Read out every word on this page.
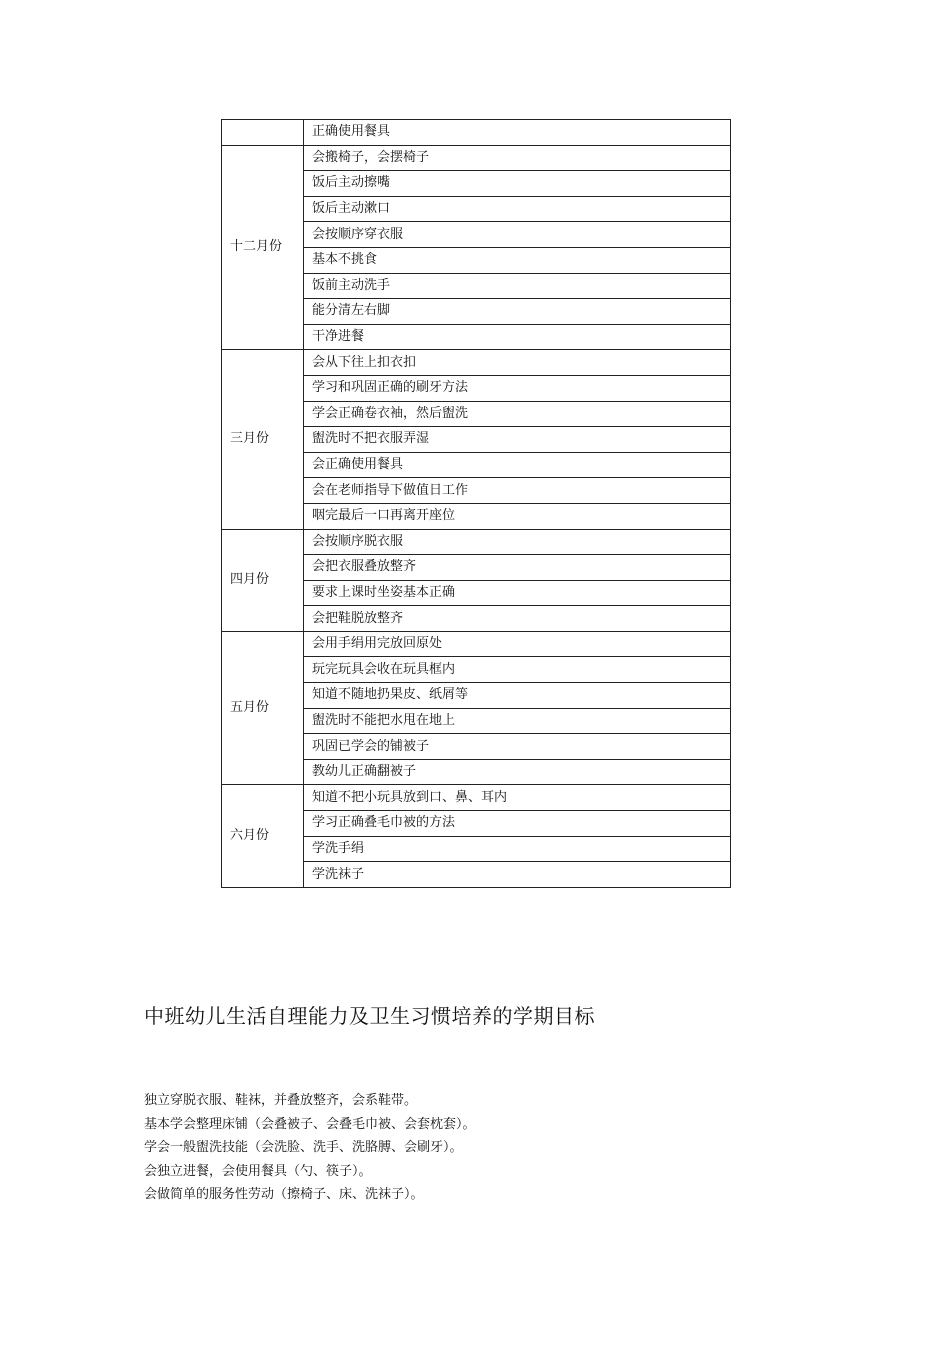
	正确使用餐具
十二月份	会搬椅子，会摆椅子
	饭后主动擦嘴
	饭后主动漱口
	会按顺序穿衣服
	基本不挑食
	饭前主动洗手
	能分清左右脚
	干净进餐
三月份	会从下往上扣衣扣
	学习和巩固正确的刷牙方法
	学会正确卷衣袖，然后盥洗
	盥洗时不把衣服弄湿
	会正确使用餐具
	会在老师指导下做值日工作
	咽完最后一口再离开座位
四月份	会按顺序脱衣服
	会把衣服叠放整齐
	要求上课时坐姿基本正确
	会把鞋脱放整齐
五月份	会用手绢用完放回原处
	玩完玩具会收在玩具框内
	知道不随地扔果皮、纸屑等
	盥洗时不能把水甩在地上
	巩固已学会的铺被子
	教幼儿正确翻被子
六月份	知道不把小玩具放到口、鼻、耳内
	学习正确叠毛巾被的方法
	学洗手绢
	学洗袜子
中班幼儿生活自理能力及卫生习惯培养的学期目标
独立穿脱衣服、鞋袜，并叠放整齐，会系鞋带。
基本学会整理床铺（会叠被子、会叠毛巾被、会套枕套）。
学会一般盥洗技能（会洗脸、洗手、洗胳膊、会刷牙）。
会独立进餐，会使用餐具（勺、筷子）。
会做简单的服务性劳动（擦椅子、床、洗袜子）。
